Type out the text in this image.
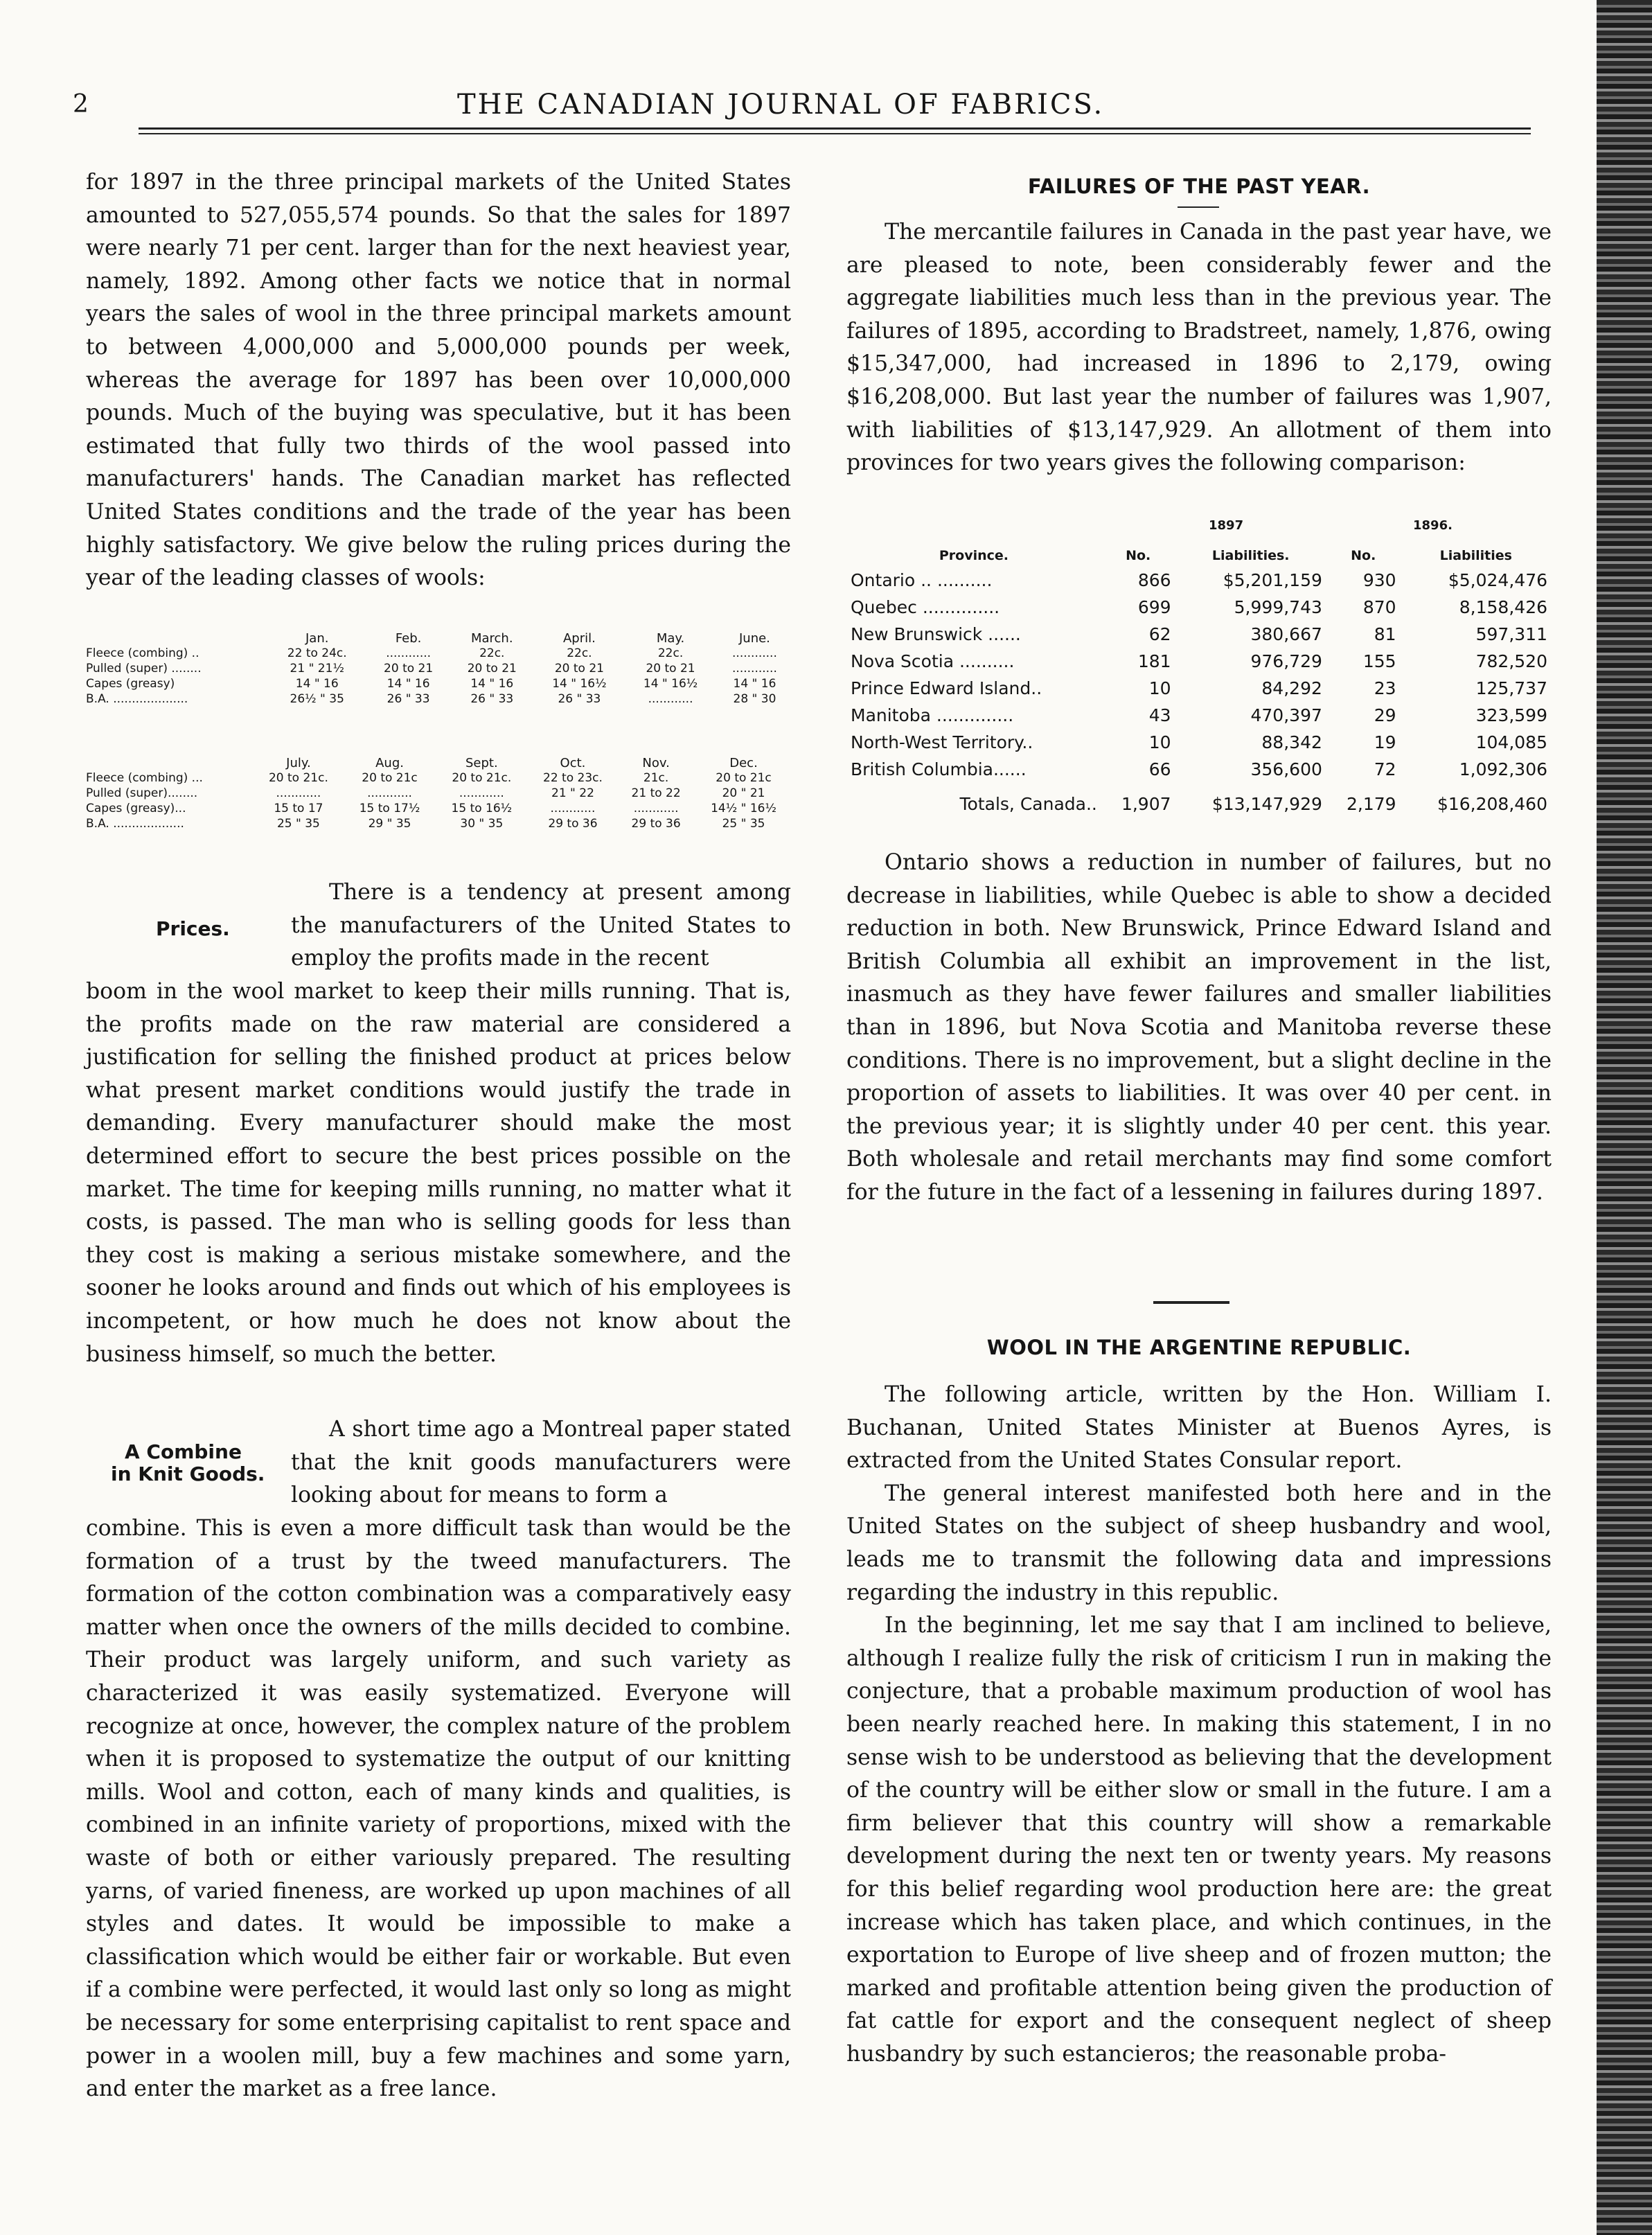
2	THE CANADIAN JOURNAL OF FABRICS.

for 1897 in the three principal markets of the United States amounted to 527,055,574 pounds. So that the sales for 1897 were nearly 71 per cent. larger than for the next heaviest year, namely, 1892. Among other facts we notice that in normal years the sales of wool in the three principal markets amount to between 4,000,000 and 5,000,000 pounds per week, whereas the average for 1897 has been over 10,000,000 pounds. Much of the buying was speculative, but it has been estimated that fully two thirds of the wool passed into manufacturers' hands. The Canadian market has reflected United States conditions and the trade of the year has been highly satisfactory. We give below the ruling prices during the year of the leading classes of wools:

	Jan.	Feb.	March.	April.	May.	June.
Fleece (combing) ..	22 to 24c.	............	22c.	22c.	22c.	............
Pulled (super) ........	21 " 21½	20 to 21	20 to 21	20 to 21	20 to 21	............
Capes (greasy)	14 " 16	14 " 16	14 " 16	14 " 16½	14 " 16½	14 " 16
B.A. ....................	26½ " 35	26 " 33	26 " 33	26 " 33	............	28 " 30
	July.	Aug.	Sept.	Oct.	Nov.	Dec.
Fleece (combing) ...	20 to 21c.	20 to 21c	20 to 21c.	22 to 23c.	21c.	20 to 21c
Pulled (super)........	............	............	............	21 " 22	21 to 22	20 " 21
Capes (greasy)...	15 to 17	15 to 17½	15 to 16½	............	............	14½ " 16½
B.A. ...................	25 " 35	29 " 35	30 " 35	29 to 36	29 to 36	25 " 35
Prices.

There is a tendency at present among the manufacturers of the United States to employ the profits made in the recent

boom in the wool market to keep their mills running. That is, the profits made on the raw material are considered a justification for selling the finished product at prices below what present market conditions would justify the trade in demanding. Every manufacturer should make the most determined effort to secure the best prices possible on the market. The time for keeping mills running, no matter what it costs, is passed. The man who is selling goods for less than they cost is making a serious mistake somewhere, and the sooner he looks around and finds out which of his employees is incompetent, or how much he does not know about the business himself, so much the better.

A Combine
in Knit Goods.

A short time ago a Montreal paper stated that the knit goods manufacturers were looking about for means to form a

combine. This is even a more difficult task than would be the formation of a trust by the tweed manufacturers. The formation of the cotton combination was a comparatively easy matter when once the owners of the mills decided to combine. Their product was largely uniform, and such variety as characterized it was easily systematized. Everyone will recognize at once, however, the complex nature of the problem when it is proposed to systematize the output of our knitting mills. Wool and cotton, each of many kinds and qualities, is combined in an infinite variety of proportions, mixed with the waste of both or either variously prepared. The resulting yarns, of varied fineness, are worked up upon machines of all styles and dates. It would be impossible to make a classification which would be either fair or workable. But even if a combine were perfected, it would last only so long as might be necessary for some enterprising capitalist to rent space and power in a woolen mill, buy a few machines and some yarn, and enter the market as a free lance.

FAILURES OF THE PAST YEAR.

The mercantile failures in Canada in the past year have, we are pleased to note, been considerably fewer and the aggregate liabilities much less than in the previous year. The failures of 1895, according to Bradstreet, namely, 1,876, owing $15,347,000, had increased in 1896 to 2,179, owing $16,208,000. But last year the number of failures was 1,907, with liabilities of $13,147,929. An allotment of them into provinces for two years gives the following comparison:

1897	1896.
Province.	No.	Liabilities.	No.	Liabilities
Ontario .. ..........	866	$5,201,159	930	$5,024,476
Quebec ..............	699	5,999,743	870	8,158,426
New Brunswick ......	62	380,667	81	597,311
Nova Scotia ..........	181	976,729	155	782,520
Prince Edward Island..	10	84,292	23	125,737
Manitoba ..............	43	470,397	29	323,599
North-West Territory..	10	88,342	19	104,085
British Columbia......	66	356,600	72	1,092,306
Totals, Canada..	1,907	$13,147,929	2,179	$16,208,460

Ontario shows a reduction in number of failures, but no decrease in liabilities, while Quebec is able to show a decided reduction in both. New Brunswick, Prince Edward Island and British Columbia all exhibit an improvement in the list, inasmuch as they have fewer failures and smaller liabilities than in 1896, but Nova Scotia and Manitoba reverse these conditions. There is no improvement, but a slight decline in the proportion of assets to liabilities. It was over 40 per cent. in the previous year; it is slightly under 40 per cent. this year. Both wholesale and retail merchants may find some comfort for the future in the fact of a lessening in failures during 1897.

WOOL IN THE ARGENTINE REPUBLIC.

The following article, written by the Hon. William I. Buchanan, United States Minister at Buenos Ayres, is extracted from the United States Consular report.

The general interest manifested both here and in the United States on the subject of sheep husbandry and wool, leads me to transmit the following data and impressions regarding the industry in this republic.

In the beginning, let me say that I am inclined to believe, although I realize fully the risk of criticism I run in making the conjecture, that a probable maximum production of wool has been nearly reached here. In making this statement, I in no sense wish to be understood as believing that the development of the country will be either slow or small in the future. I am a firm believer that this country will show a remarkable development during the next ten or twenty years. My reasons for this belief regarding wool production here are: the great increase which has taken place, and which continues, in the exportation to Europe of live sheep and of frozen mutton; the marked and profitable attention being given the production of fat cattle for export and the consequent neglect of sheep husbandry by such estancieros; the reasonable proba-
